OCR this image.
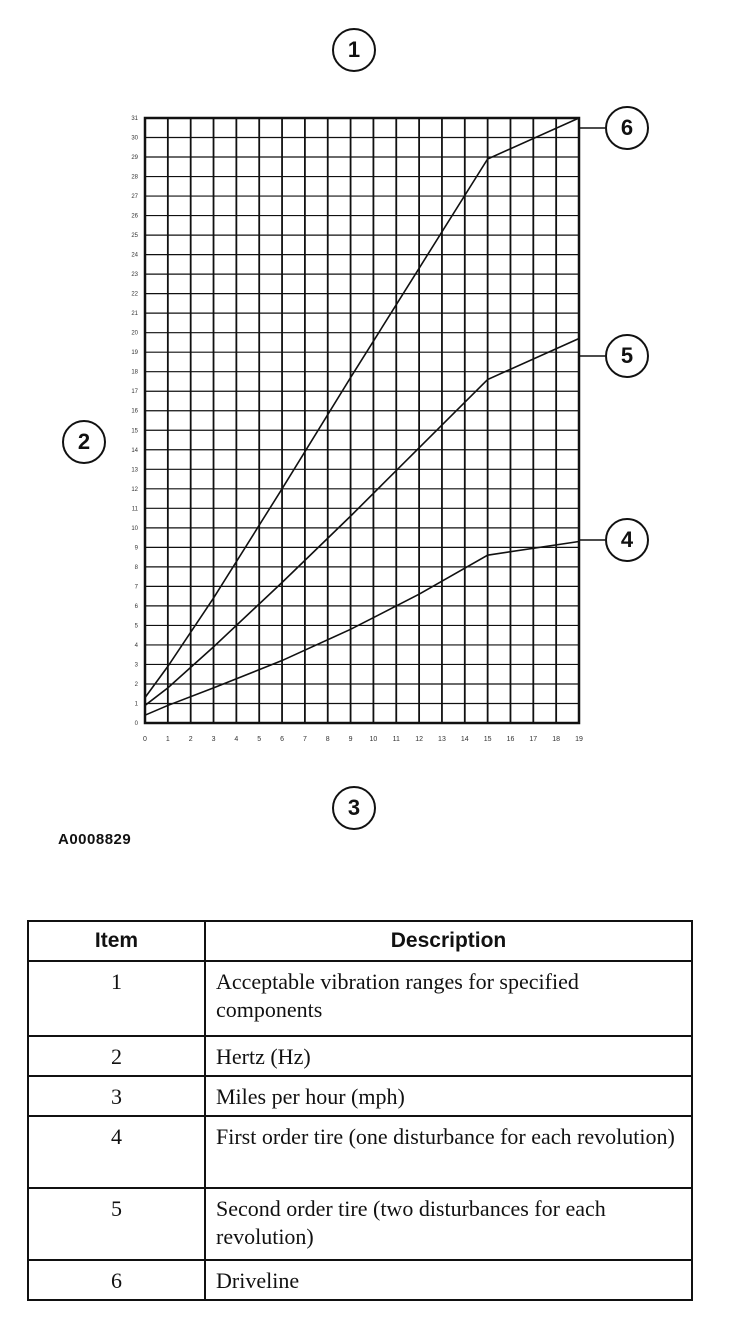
0	1	2	3	4	5	6	7	8	9 10 11 12 13 14 15 16 17 18 19
0
1
2
3
4
5
6
7
8
9
10
11
12
13
14
15
16
17
18
19
20
21
22
23
24
25
26
27
28
29
30
31
1
2
3
4
5
6
A0008829
Item	Description
1	Acceptable vibration ranges for specified components
2	Hertz (Hz)
3	Miles per hour (mph)
4	First order tire (one disturbance for each revolution)
5	Second order tire (two disturbances for each revolution)
6	Driveline
